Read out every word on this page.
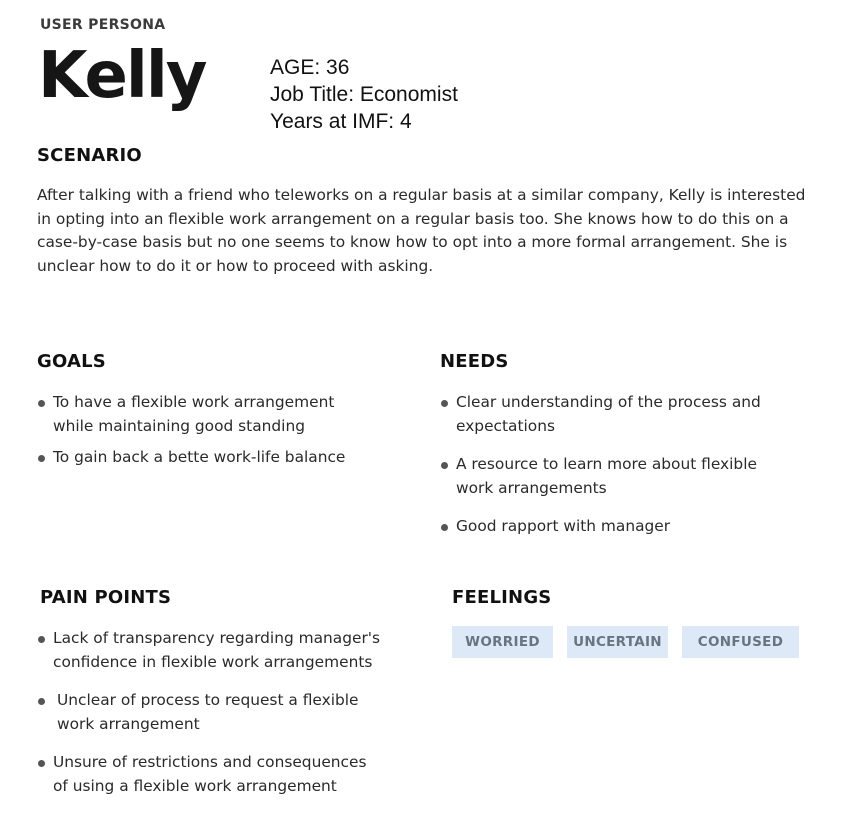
USER PERSONA
Kelly	AGE: 36
Job Title: Economist
Years at IMF: 4
SCENARIO
After talking with a friend who teleworks on a regular basis at a similar company, Kelly is interested in opting into an flexible work arrangement on a regular basis too. She knows how to do this on a case-by-case basis but no one seems to know how to opt into a more formal arrangement. She is unclear how to do it or how to proceed with asking.
GOALS
To have a flexible work arrangement while maintaining good standing
To gain back a bette work-life balance
NEEDS
Clear understanding of the process and expectations
A resource to learn more about flexible work arrangements
Good rapport with manager
PAIN POINTS
Lack of transparency regarding manager's confidence in flexible work arrangements
Unclear of process to request a flexible work arrangement
Unsure of restrictions and consequences of using a flexible work arrangement
FEELINGS
WORRIED	UNCERTAIN	CONFUSED
